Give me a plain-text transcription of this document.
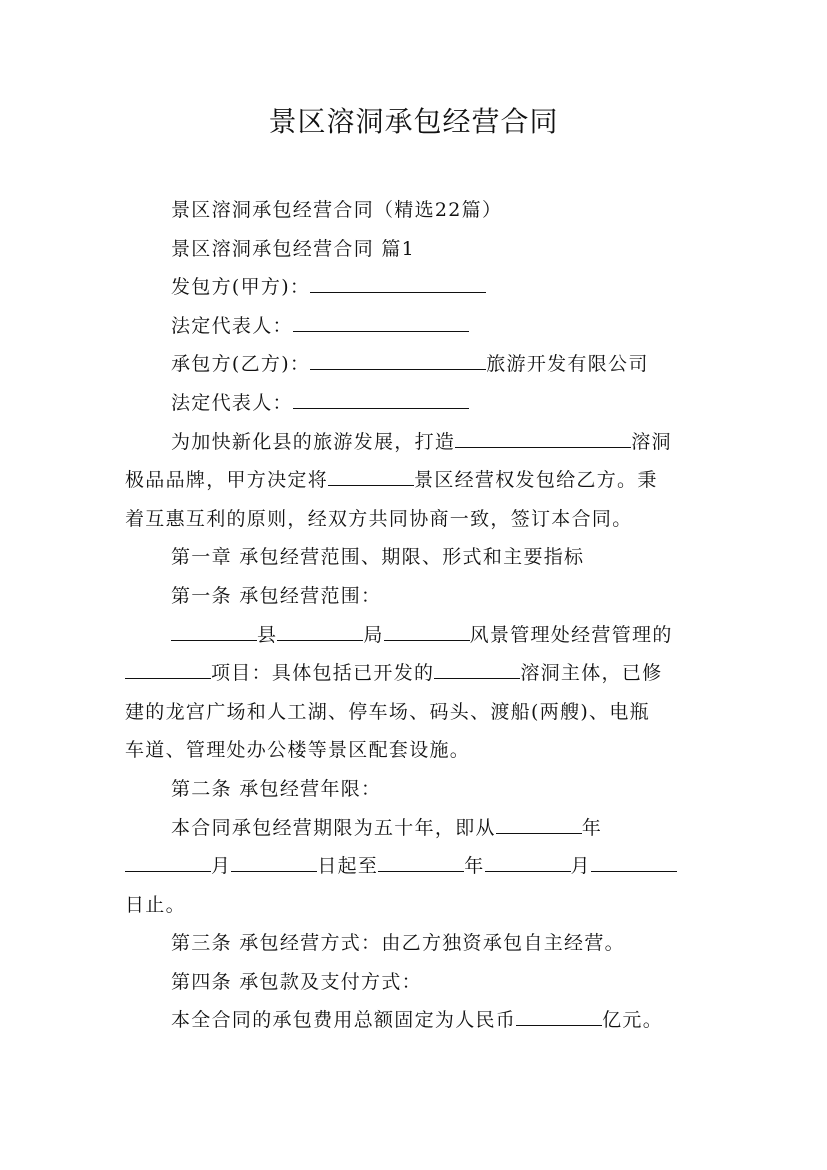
景区溶洞承包经营合同

景区溶洞承包经营合同（精选22篇）

景区溶洞承包经营合同 篇1

发包方(甲方)：

法定代表人：

承包方(乙方)：	旅游开发有限公司

法定代表人：

为加快新化县的旅游发展，打造	溶洞
极品品牌，甲方决定将	景区经营权发包给乙方。秉
着互惠互利的原则，经双方共同协商一致，签订本合同。

第一章 承包经营范围、期限、形式和主要指标

第一条 承包经营范围：

县	局	风景管理处经营管理的
项目：具体包括已开发的	溶洞主体，已修
建的龙宫广场和人工湖、停车场、码头、渡船(两艘)、电瓶
车道、管理处办公楼等景区配套设施。

第二条 承包经营年限：

本合同承包经营期限为五十年，即从	年
月	日起至	年	月
日止。

第三条 承包经营方式：由乙方独资承包自主经营。

第四条 承包款及支付方式：

本全合同的承包费用总额固定为人民币	亿元。
